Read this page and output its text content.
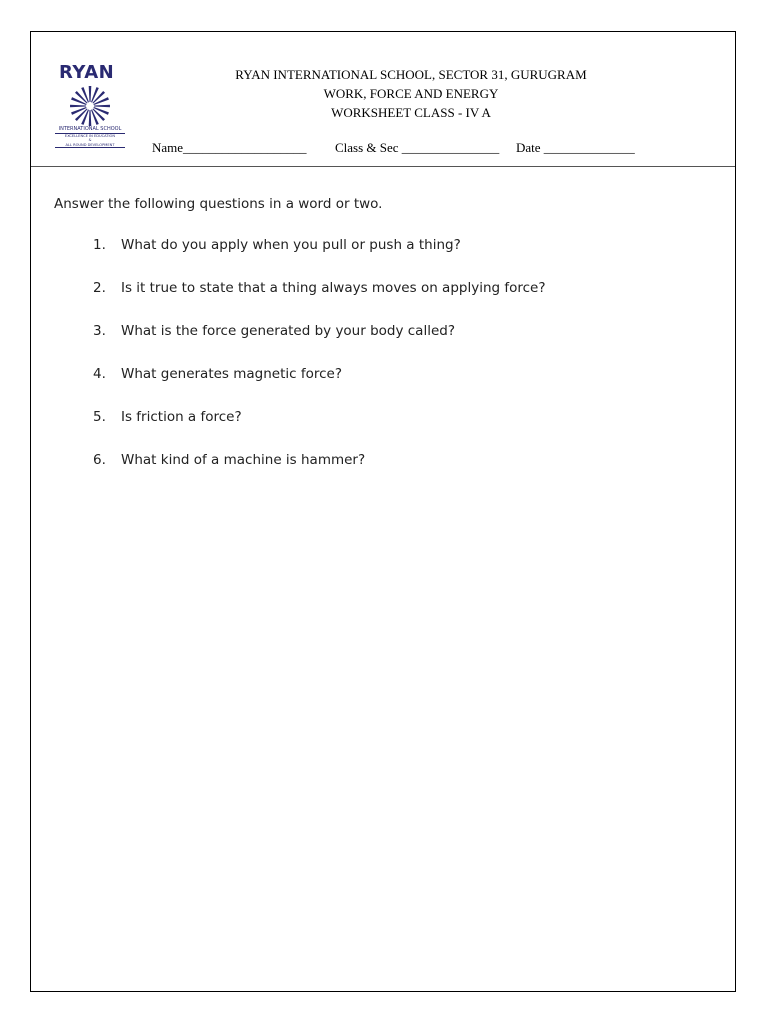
RYAN
INTERNATIONAL SCHOOL
EXCELLENCE IN EDUCATION
&
ALL ROUND DEVELOPMENT
RYAN INTERNATIONAL SCHOOL, SECTOR 31, GURUGRAM
WORK, FORCE AND ENERGY
WORKSHEET CLASS - IV A
Name___________________ Class & Sec _______________ Date ______________
Answer the following questions in a word or two.
1. What do you apply when you pull or push a thing?
2. Is it true to state that a thing always moves on applying force?
3. What is the force generated by your body called?
4. What generates magnetic force?
5. Is friction a force?
6. What kind of a machine is hammer?
